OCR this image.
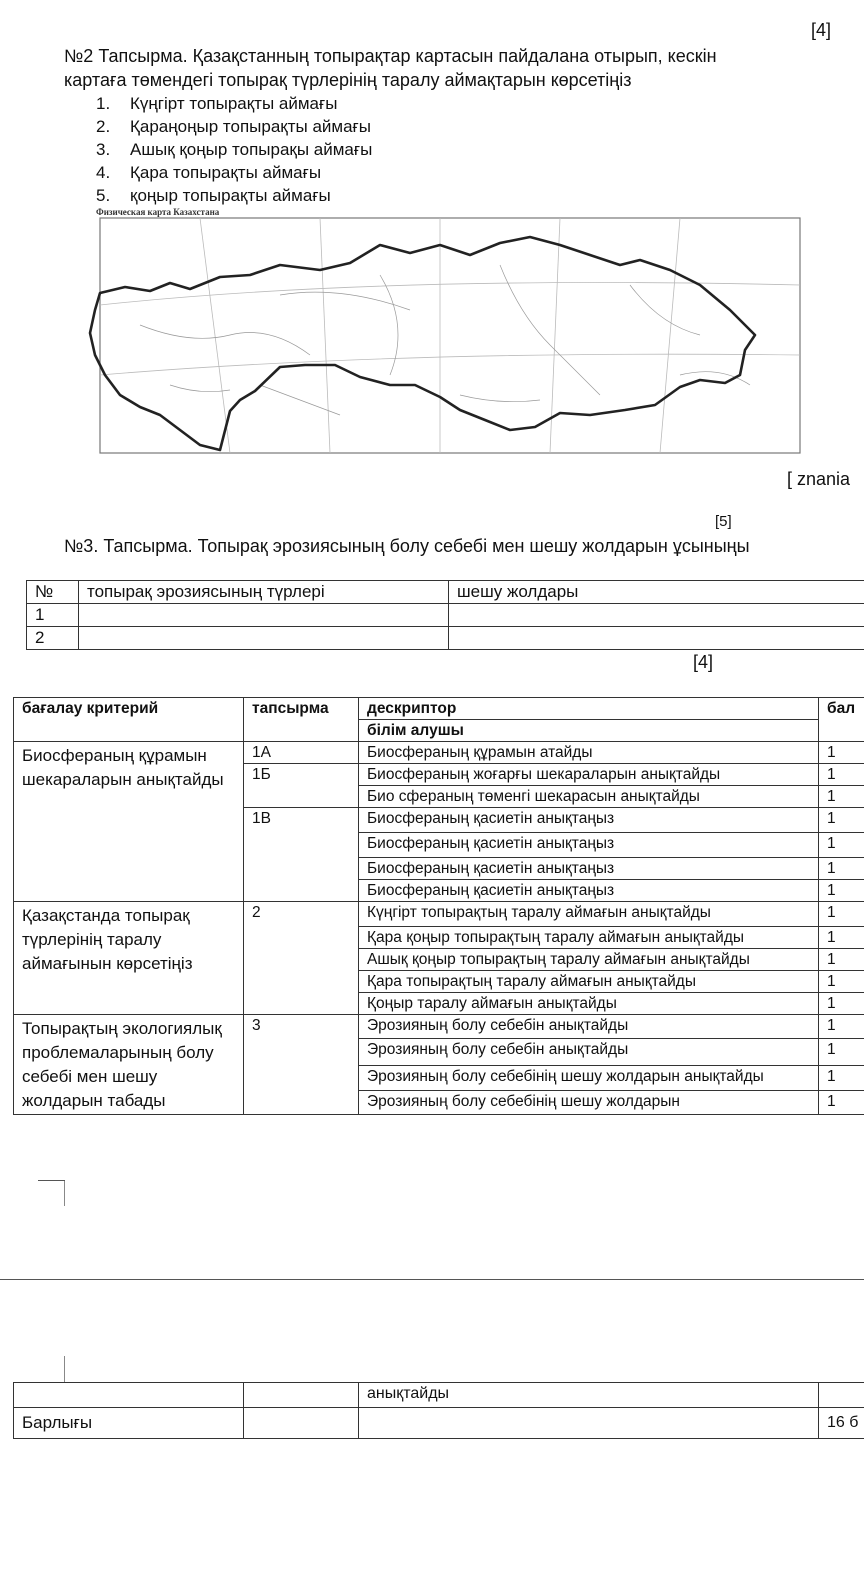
[4]
№2 Тапсырма. Қазақстанның топырақтар картасын пайдалана отырып, кескін
картаға төмендегі топырақ түрлерінің таралу аймақтарын көрсетіңіз
1. Күңгірт топырақты аймағы
2. Қараңоңыр топырақты аймағы
3. Ашық қоңыр топырақы аймағы
4. Қара топырақты аймағы
5. қоңыр топырақты аймағы
Физическая карта Казахстана
[ znania
[5]
№3. Тапсырма. Топырақ эрозиясының болу себебі мен шешу жолдарын ұсыныңы
№	топырақ эрозиясының түрлері	шешу жолдары
1		
2		
[4]
бағалау критерий	тапсырма	дескриптор	бал
		білім алушы	
Биосфераның құрамын шекараларын анықтайды	1А	Биосфераның құрамын атайды	1
	1Б	Биосфераның жоғарғы шекараларын анықтайды	1
		Био сфераның төменгі шекарасын анықтайды	1
	1В	Биосфераның қасиетін анықтаңыз	1
		Биосфераның қасиетін анықтаңыз	1
		Биосфераның қасиетін анықтаңыз	1
		Биосфераның қасиетін анықтаңыз	1
Қазақстанда топырақ түрлерінің таралу аймағынын көрсетіңіз	2	Күңгірт топырақтың таралу аймағын анықтайды	1
		Қара қоңыр топырақтың таралу аймағын анықтайды	1
		Ашық қоңыр топырақтың таралу аймағын анықтайды	1
		Қара топырақтың таралу аймағын анықтайды	1
		Қоңыр таралу аймағын анықтайды	1
Топырақтың экологиялық проблемаларының болу себебі мен шешу жолдарын табады	3	Эрозияның болу себебін анықтайды	1
		Эрозияның болу себебін анықтайды	1
		Эрозияның болу себебінің шешу жолдарын анықтайды	1
		Эрозияның болу себебінің шешу жолдарын	1
		анықтайды	
Барлығы			16 б
